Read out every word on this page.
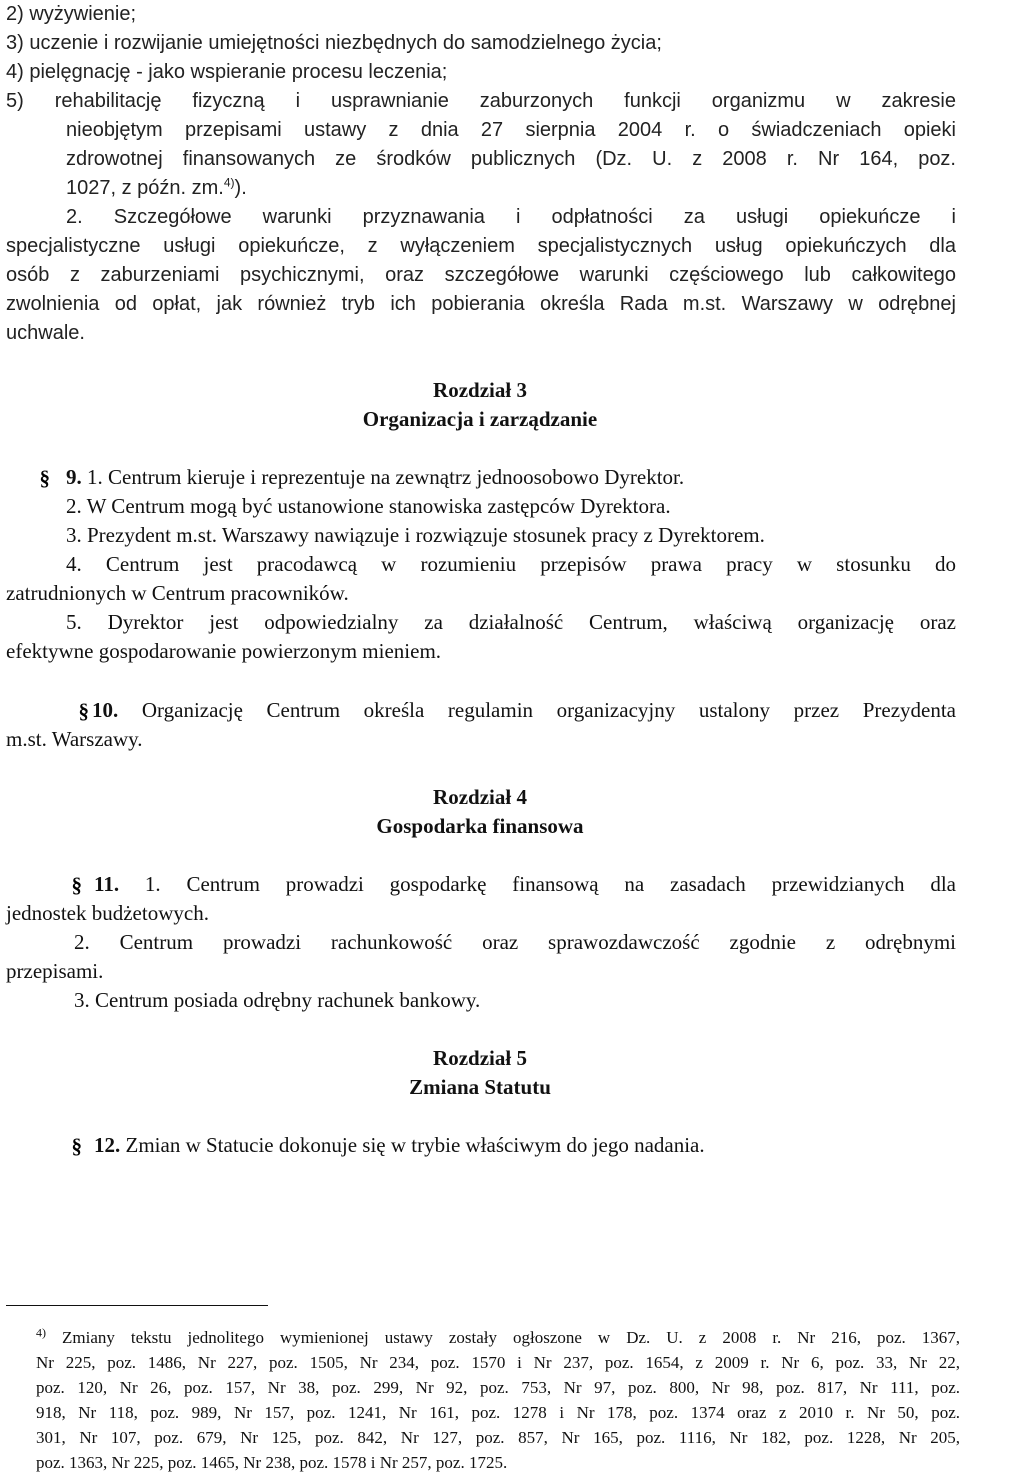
2) wyżywienie;

3) uczenie i rozwijanie umiejętności niezbędnych do samodzielnego życia;

4) pielęgnację - jako wspieranie procesu leczenia;

5) rehabilitację fizyczną i usprawnianie zaburzonych funkcji organizmu w zakresie

nieobjętym przepisami ustawy z dnia 27 sierpnia 2004 r. o świadczeniach opieki

zdrowotnej finansowanych ze środków publicznych (Dz. U. z 2008 r. Nr 164, poz.

1027, z późn. zm.$^{4)}$).

2. Szczegółowe warunki przyznawania i odpłatności za usługi opiekuńcze i

specjalistyczne usługi opiekuńcze, z wyłączeniem specjalistycznych usług opiekuńczych dla

osób z zaburzeniami psychicznymi, oraz szczegółowe warunki częściowego lub całkowitego

zwolnienia od opłat, jak również tryb ich pobierania określa Rada m.st. Warszawy w odrębnej

uchwale.

Rozdział 3

Organizacja i zarządzanie

9. 1. Centrum kieruje i reprezentuje na zewnątrz jednoosobowo Dyrektor.

§

2. W Centrum mogą być ustanowione stanowiska zastępców Dyrektora.

3. Prezydent m.st. Warszawy nawiązuje i rozwiązuje stosunek pracy z Dyrektorem.

4. Centrum jest pracodawcą w rozumieniu przepisów prawa pracy w stosunku do

zatrudnionych w Centrum pracowników.

5. Dyrektor jest odpowiedzialny za działalność Centrum, właściwą organizację oraz

efektywne gospodarowanie powierzonym mieniem.

§ 10. Organizację Centrum określa regulamin organizacyjny ustalony przez Prezydenta

m.st. Warszawy.

Rozdział 4

Gospodarka finansowa

§ 11. 1. Centrum prowadzi gospodarkę finansową na zasadach przewidzianych dla

jednostek budżetowych.

2. Centrum prowadzi rachunkowość oraz sprawozdawczość zgodnie z odrębnymi

przepisami.

3. Centrum posiada odrębny rachunek bankowy.

Rozdział 5

Zmiana Statutu

§ 12. Zmian w Statucie dokonuje się w trybie właściwym do jego nadania.

$^{4)}$ Zmiany tekstu jednolitego wymienionej ustawy zostały ogłoszone w Dz. U. z 2008 r. Nr 216, poz. 1367,

Nr 225, poz. 1486, Nr 227, poz. 1505, Nr 234, poz. 1570 i Nr 237, poz. 1654, z 2009 r. Nr 6, poz. 33, Nr 22,

poz. 120, Nr 26, poz. 157, Nr 38, poz. 299, Nr 92, poz. 753, Nr 97, poz. 800, Nr 98, poz. 817, Nr 111, poz.

918, Nr 118, poz. 989, Nr 157, poz. 1241, Nr 161, poz. 1278 i Nr 178, poz. 1374 oraz z 2010 r. Nr 50, poz.

301, Nr 107, poz. 679, Nr 125, poz. 842, Nr 127, poz. 857, Nr 165, poz. 1116, Nr 182, poz. 1228, Nr 205,

poz. 1363, Nr 225, poz. 1465, Nr 238, poz. 1578 i Nr 257, poz. 1725.
